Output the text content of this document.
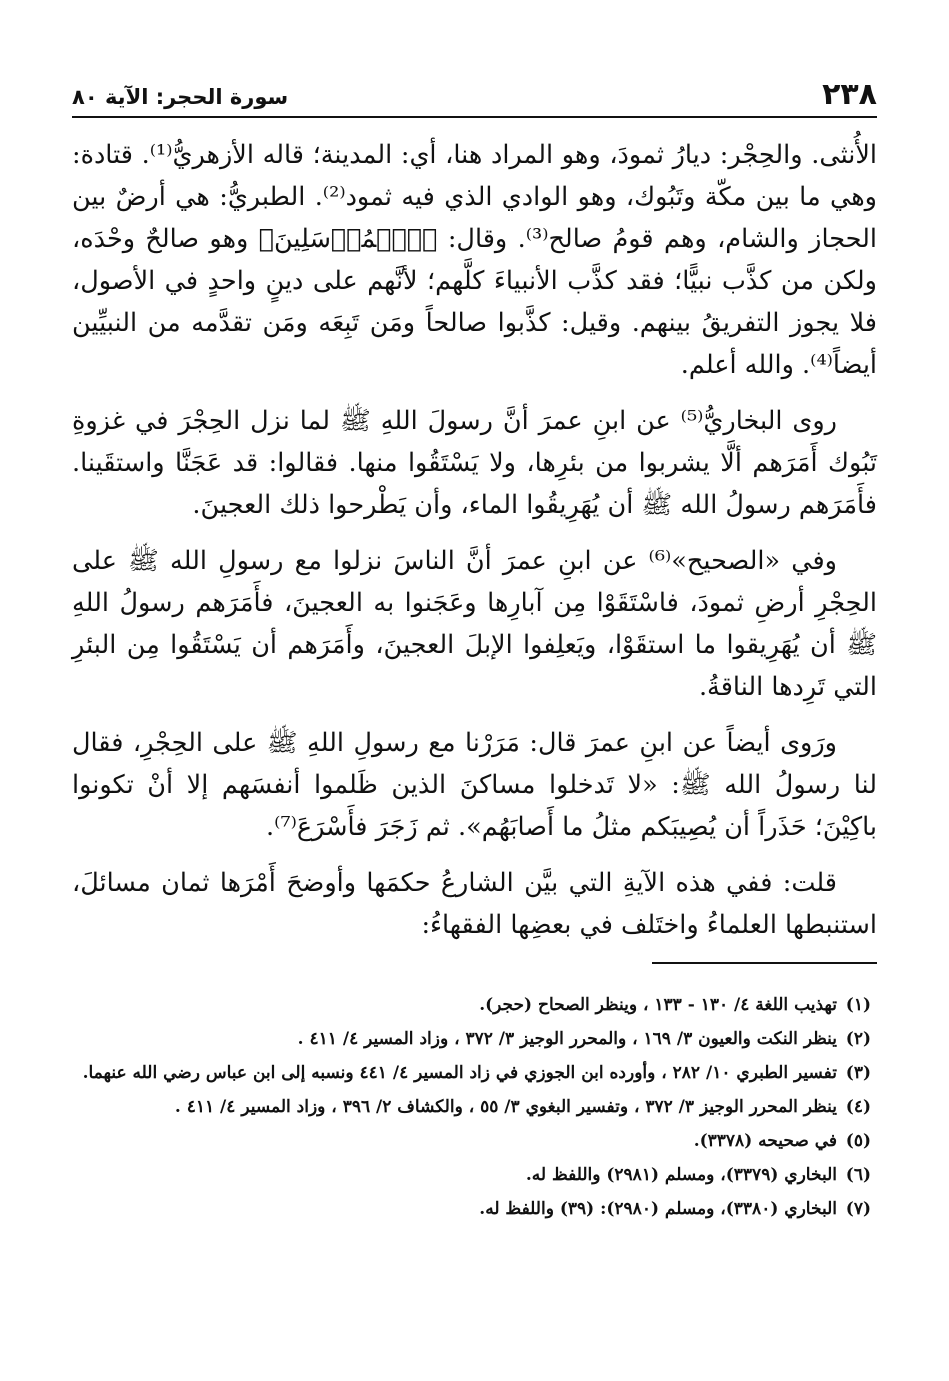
٢٣٨
سورة الحجر: الآية ٨٠

الأُنثى. والحِجْر: ديارُ ثمودَ، وهو المراد هنا، أي: المدينة؛ قاله الأزهريُّ⁽¹⁾. قتادة: وهي ما بين مكّة وتَبُوك، وهو الوادي الذي فيه ثمود⁽²⁾. الطبريُّ: هي أرضٌ بين الحجاز والشام، وهم قومُ صالح⁽³⁾. وقال: ﴿ٱلۡمُرۡسَلِينَ﴾ وهو صالحٌ وحْدَه، ولكن من كذَّب نبيًّا؛ فقد كذَّب الأنبياءَ كلَّهم؛ لأنَّهم على دينٍ واحدٍ في الأصول، فلا يجوز التفريقُ بينهم. وقيل: كذَّبوا صالحاً ومَن تَبِعَه ومَن تقدَّمه من النبيِّين أيضاً⁽⁴⁾. والله أعلم.

روى البخاريُّ⁽⁵⁾ عن ابنِ عمرَ أنَّ رسولَ اللهِ ﷺ لما نزل الحِجْرَ في غزوةِ تَبُوك أَمَرَهم ألَّا يشربوا من بئرِها، ولا يَسْتَقُوا منها. فقالوا: قد عَجَنَّا واستقَينا. فأَمَرَهم رسولُ الله ﷺ أن يُهَرِيقُوا الماء، وأن يَطْرحوا ذلك العجينَ.

وفي «الصحيح»⁽⁶⁾ عن ابنِ عمرَ أنَّ الناسَ نزلوا مع رسولِ الله ﷺ على الحِجْرِ أرضِ ثمودَ، فاسْتَقَوْا مِن آبارِها وعَجَنوا به العجينَ، فأَمَرَهم رسولُ اللهِ ﷺ أن يُهَرِيقوا ما استقَوْا، ويَعلِفوا الإبلَ العجينَ، وأَمَرَهم أن يَسْتَقُوا مِن البئرِ التي تَرِدها الناقةُ.

ورَوى أيضاً عن ابنِ عمرَ قال: مَرَرْنا مع رسولِ اللهِ ﷺ على الحِجْرِ، فقال لنا رسولُ الله ﷺ: «لا تَدخلوا مساكنَ الذين ظَلموا أنفسَهم إلا أنْ تكونوا باكِيْنَ؛ حَذَراً أن يُصِيبَكم مثلُ ما أَصابَهُم». ثم زَجَرَ فأَسْرَعَ⁽⁷⁾.

قلت: ففي هذه الآيةِ التي بيَّن الشارعُ حكمَها وأوضحَ أَمْرَها ثمان مسائلَ، استنبطها العلماءُ واختَلف في بعضِها الفقهاءُ:

(١)تهذيب اللغة ٤/ ١٣٠ - ١٣٣ ، وينظر الصحاح (حجر).

(٢)ينظر النكت والعيون ٣/ ١٦٩ ، والمحرر الوجيز ٣/ ٣٧٢ ، وزاد المسير ٤/ ٤١١ .

(٣)تفسير الطبري ١٠/ ٢٨٢ ، وأورده ابن الجوزي في زاد المسير ٤/ ٤٤١ ونسبه إلى ابن عباس رضي الله عنهما.

(٤)ينظر المحرر الوجيز ٣/ ٣٧٢ ، وتفسير البغوي ٣/ ٥٥ ، والكشاف ٢/ ٣٩٦ ، وزاد المسير ٤/ ٤١١ .

(٥)في صحيحه (٣٣٧٨).

(٦)البخاري (٣٣٧٩)، ومسلم (٢٩٨١) واللفظ له.

(٧)البخاري (٣٣٨٠)، ومسلم (٢٩٨٠): (٣٩) واللفظ له.
